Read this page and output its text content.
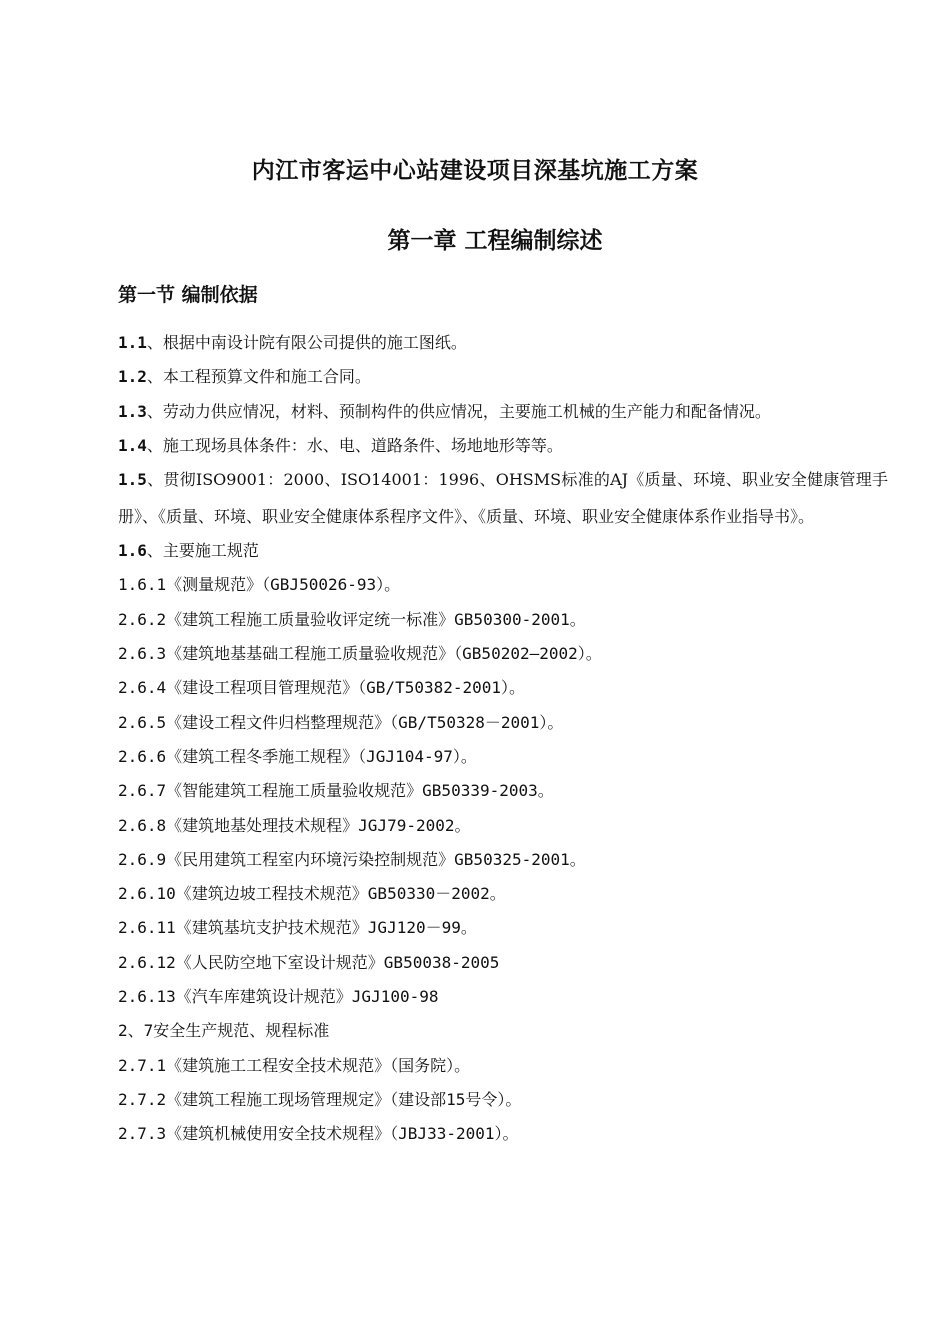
内江市客运中心站建设项目深基坑施工方案
第一章 工程编制综述
第一节 编制依据
1.1、根据中南设计院有限公司提供的施工图纸。
1.2、本工程预算文件和施工合同。
1.3、劳动力供应情况，材料、预制构件的供应情况，主要施工机械的生产能力和配备情况。
1.4、施工现场具体条件：水、电、道路条件、场地地形等等。
1.5、贯彻ISO9001：2000、ISO14001：1996、OHSMS标准的AJ《质量、环境、职业安全健康管理手册》、《质量、环境、职业安全健康体系程序文件》、《质量、环境、职业安全健康体系作业指导书》。
1.6、主要施工规范
1.6.1《测量规范》（GBJ50026-93）。
2.6.2《建筑工程施工质量验收评定统一标准》GB50300-2001。
2.6.3《建筑地基基础工程施工质量验收规范》（GB50202—2002）。
2.6.4《建设工程项目管理规范》（GB/T50382-2001）。
2.6.5《建设工程文件归档整理规范》（GB/T50328－2001）。
2.6.6《建筑工程冬季施工规程》（JGJ104-97）。
2.6.7《智能建筑工程施工质量验收规范》GB50339-2003。
2.6.8《建筑地基处理技术规程》JGJ79-2002。
2.6.9《民用建筑工程室内环境污染控制规范》GB50325-2001。
2.6.10《建筑边坡工程技术规范》GB50330－2002。
2.6.11《建筑基坑支护技术规范》JGJ120－99。
2.6.12《人民防空地下室设计规范》GB50038-2005
2.6.13《汽车库建筑设计规范》JGJ100-98
2、7安全生产规范、规程标准
2.7.1《建筑施工工程安全技术规范》（国务院）。
2.7.2《建筑工程施工现场管理规定》（建设部15号令）。
2.7.3《建筑机械使用安全技术规程》（JBJ33-2001）。
